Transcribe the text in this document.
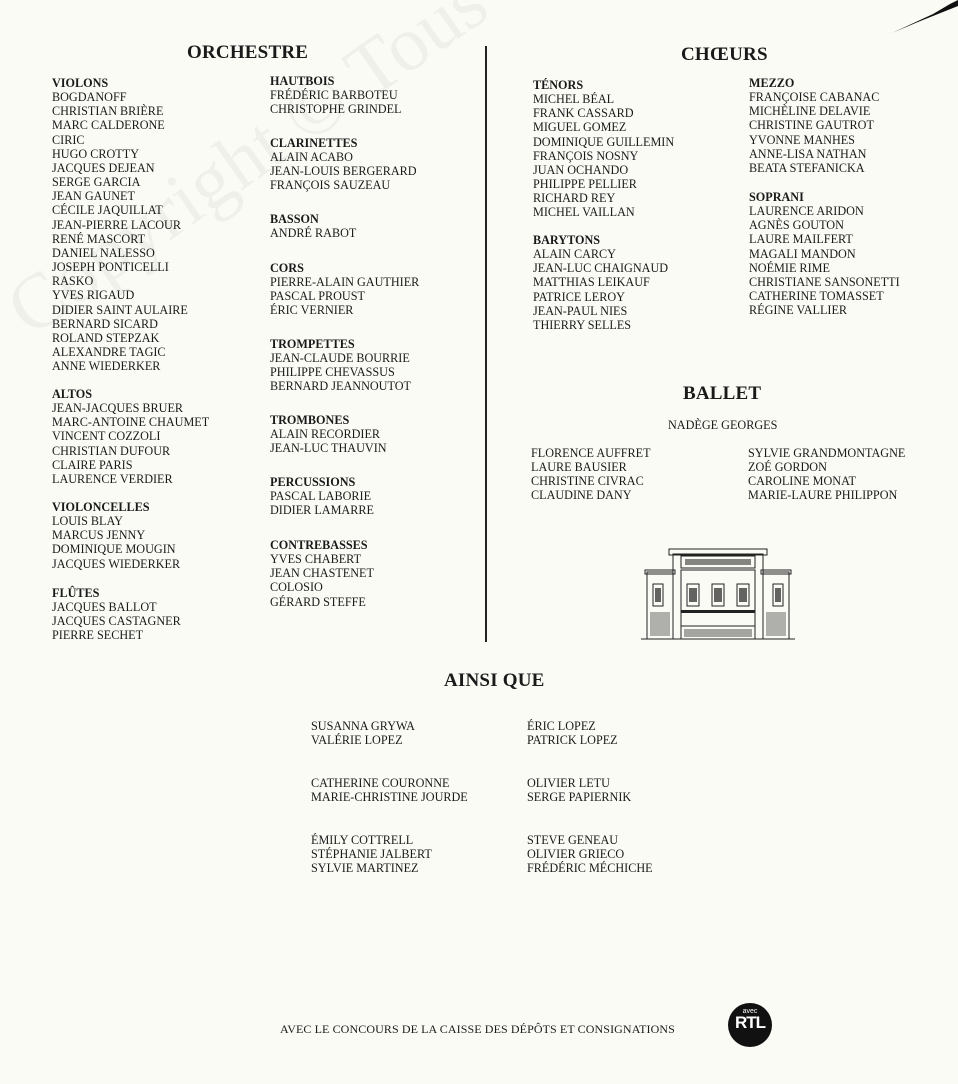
ORCHESTRE
VIOLONS
BOGDANOFF
CHRISTIAN BRIÈRE
MARC CALDERONE
CIRIC
HUGO CROTTY
JACQUES DEJEAN
SERGE GARCIA
JEAN GAUNET
CÉCILE JAQUILLAT
JEAN-PIERRE LACOUR
RENÉ MASCORT
DANIEL NALESSO
JOSEPH PONTICELLI
RASKO
YVES RIGAUD
DIDIER SAINT AULAIRE
BERNARD SICARD
ROLAND STEPZAK
ALEXANDRE TAGIC
ANNE WIEDERKER
ALTOS
JEAN-JACQUES BRUER
MARC-ANTOINE CHAUMET
VINCENT COZZOLI
CHRISTIAN DUFOUR
CLAIRE PARIS
LAURENCE VERDIER
VIOLONCELLES
LOUIS BLAY
MARCUS JENNY
DOMINIQUE MOUGIN
JACQUES WIEDERKER
FLÛTES
JACQUES BALLOT
JACQUES CASTAGNER
PIERRE SECHET
HAUTBOIS
FRÉDÉRIC BARBOTEU
CHRISTOPHE GRINDEL
CLARINETTES
ALAIN ACABO
JEAN-LOUIS BERGERARD
FRANÇOIS SAUZEAU
BASSON
ANDRÉ RABOT
CORS
PIERRE-ALAIN GAUTHIER
PASCAL PROUST
ÉRIC VERNIER
TROMPETTES
JEAN-CLAUDE BOURRIE
PHILIPPE CHEVASSUS
BERNARD JEANNOUTOT
TROMBONES
ALAIN RECORDIER
JEAN-LUC THAUVIN
PERCUSSIONS
PASCAL LABORIE
DIDIER LAMARRE
CONTREBASSES
YVES CHABERT
JEAN CHASTENET
COLOSIO
GÉRARD STEFFE
CHŒURS
TÉNORS
MICHEL BÉAL
FRANK CASSARD
MIGUEL GOMEZ
DOMINIQUE GUILLEMIN
FRANÇOIS NOSNY
JUAN OCHANDO
PHILIPPE PELLIER
RICHARD REY
MICHEL VAILLAN
BARYTONS
ALAIN CARCY
JEAN-LUC CHAIGNAUD
MATTHIAS LEIKAUF
PATRICE LEROY
JEAN-PAUL NIES
THIERRY SELLES
MEZZO
FRANÇOISE CABANAC
MICHÈLINE DELAVIE
CHRISTINE GAUTROT
YVONNE MANHES
ANNE-LISA NATHAN
BEATA STEFANICKA
SOPRANI
LAURENCE ARIDON
AGNÈS GOUTON
LAURE MAILFERT
MAGALI MANDON
NOÉMIE RIME
CHRISTIANE SANSONETTI
CATHERINE TOMASSET
RÉGINE VALLIER
BALLET
NADÈGE GEORGES
FLORENCE AUFFRET
LAURE BAUSIER
CHRISTINE CIVRAC
CLAUDINE DANY
SYLVIE GRANDMONTAGNE
ZOÉ GORDON
CAROLINE MONAT
MARIE-LAURE PHILIPPON
AINSI QUE
SUSANNA GRYWA
VALÉRIE LOPEZ
CATHERINE COURONNE
MARIE-CHRISTINE JOURDE
ÉMILY COTTRELL
STÉPHANIE JALBERT
SYLVIE MARTINEZ
ÉRIC LOPEZ
PATRICK LOPEZ
OLIVIER LETU
SERGE PAPIERNIK
STEVE GENEAU
OLIVIER GRIECO
FRÉDÉRIC MÉCHICHE
AVEC LE CONCOURS DE LA CAISSE DES DÉPÔTS ET CONSIGNATIONS
avec
RTL
